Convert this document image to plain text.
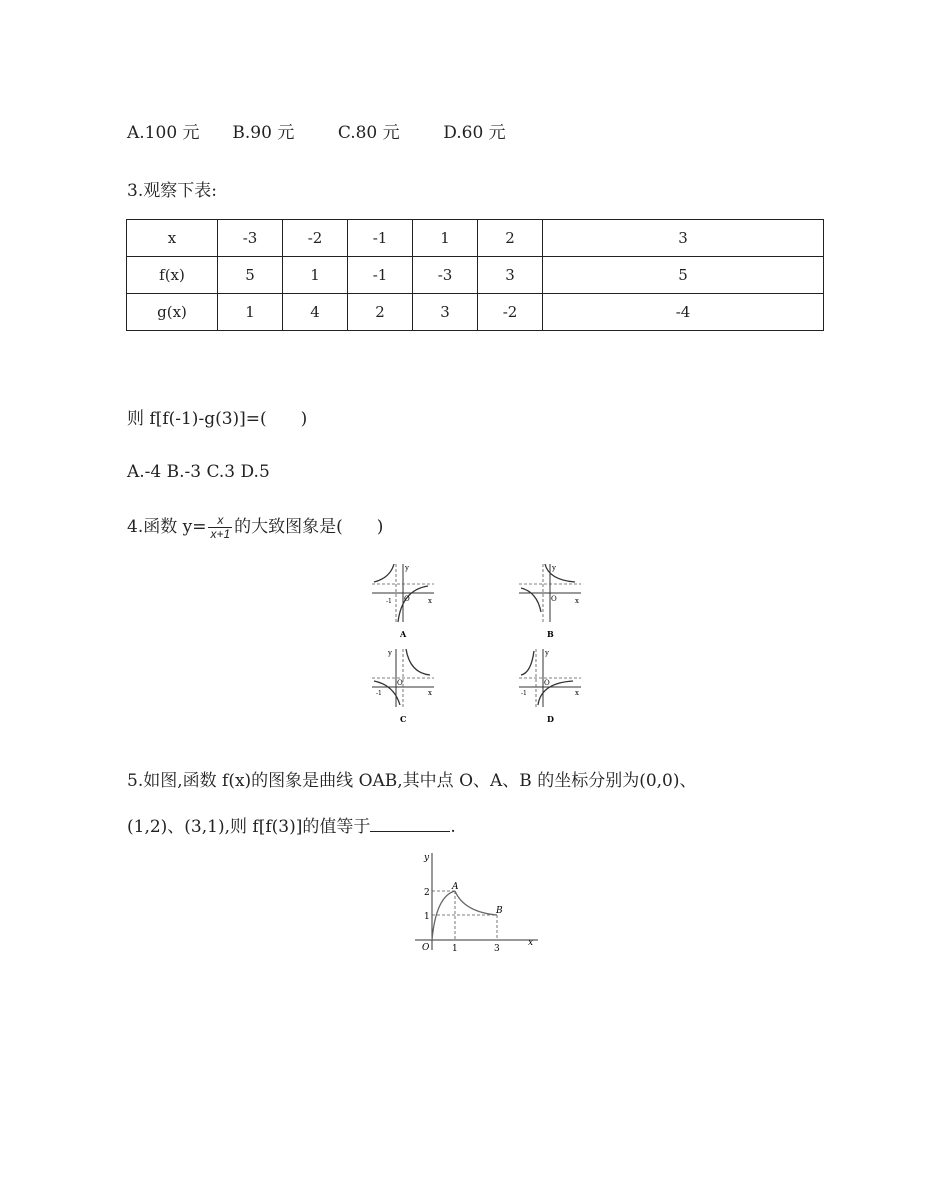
A.100 元 B.90 元	C.80 元	D.60 元
3.观察下表:
x	-3	-2	-1	1	2	3
f(x)	5	1	-1	-3	3	5
g(x)	1	4	2	3	-2	-4
则 f[f(-1)-g(3)]=(　　)
A.-4 B.-3 C.3 D.5
4.函数 $y= \frac{x}{x+1}$ 的大致图象是(　　)
y
x
O
-1
A
y
x
O
B
y
x
O
-1
C
y
x
O
-1
D
5.如图,函数 f(x)的图象是曲线 OAB,其中点 O、A、B 的坐标分别为(0,0)、
(1,2)、(3,1),则 f[f(3)]的值等于	.
y
x
O
A
B
2
1
1	3
